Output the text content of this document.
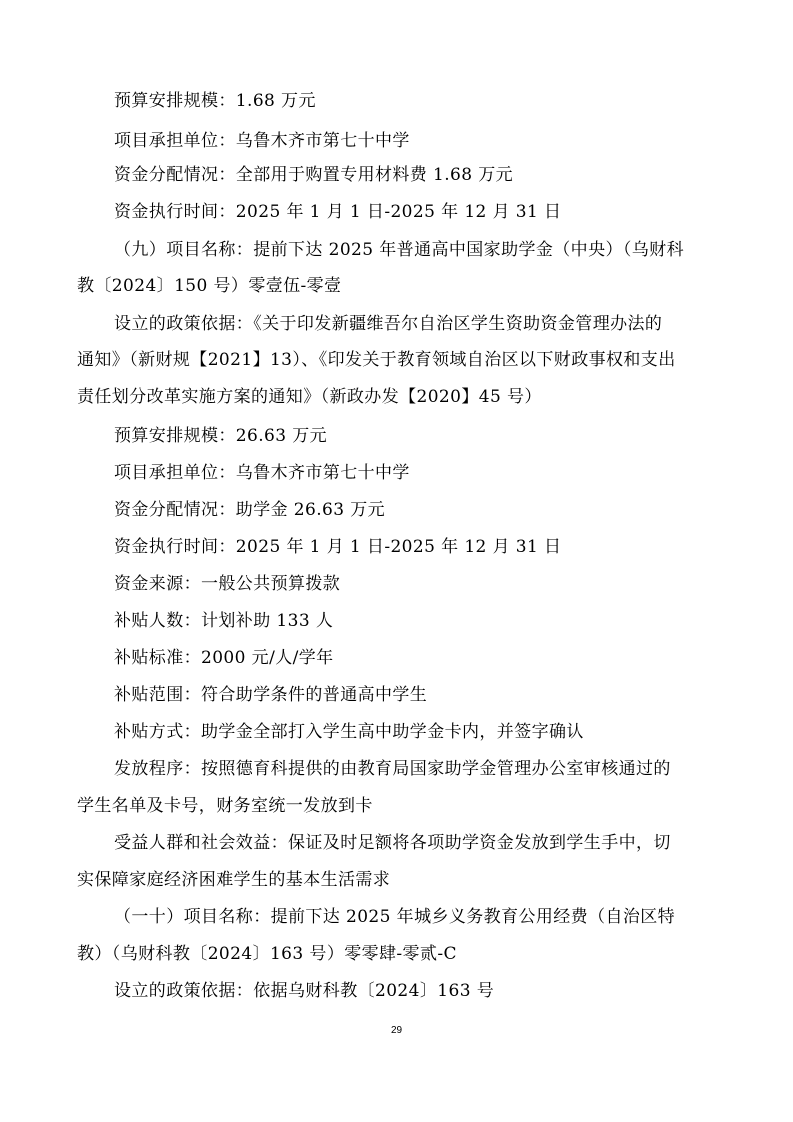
预算安排规模：1.68 万元
项目承担单位：乌鲁木齐市第七十中学
资金分配情况：全部用于购置专用材料费 1.68 万元
资金执行时间：2025 年 1 月 1 日-2025 年 12 月 31 日
（九）项目名称：提前下达 2025 年普通高中国家助学金（中央）（乌财科
教〔2024〕150 号）零壹伍-零壹
设立的政策依据：《关于印发新疆维吾尔自治区学生资助资金管理办法的
通知》（新财规【2021】13）、《印发关于教育领域自治区以下财政事权和支出
责任划分改革实施方案的通知》（新政办发【2020】45 号）
预算安排规模：26.63 万元
项目承担单位：乌鲁木齐市第七十中学
资金分配情况：助学金 26.63 万元
资金执行时间：2025 年 1 月 1 日-2025 年 12 月 31 日
资金来源：一般公共预算拨款
补贴人数：计划补助 133 人
补贴标准：2000 元/人/学年
补贴范围：符合助学条件的普通高中学生
补贴方式：助学金全部打入学生高中助学金卡内，并签字确认
发放程序：按照德育科提供的由教育局国家助学金管理办公室审核通过的
学生名单及卡号，财务室统一发放到卡
受益人群和社会效益：保证及时足额将各项助学资金发放到学生手中，切
实保障家庭经济困难学生的基本生活需求
（一十）项目名称：提前下达 2025 年城乡义务教育公用经费（自治区特
教）（乌财科教〔2024〕163 号）零零肆-零贰-C
设立的政策依据：依据乌财科教〔2024〕163 号
29
